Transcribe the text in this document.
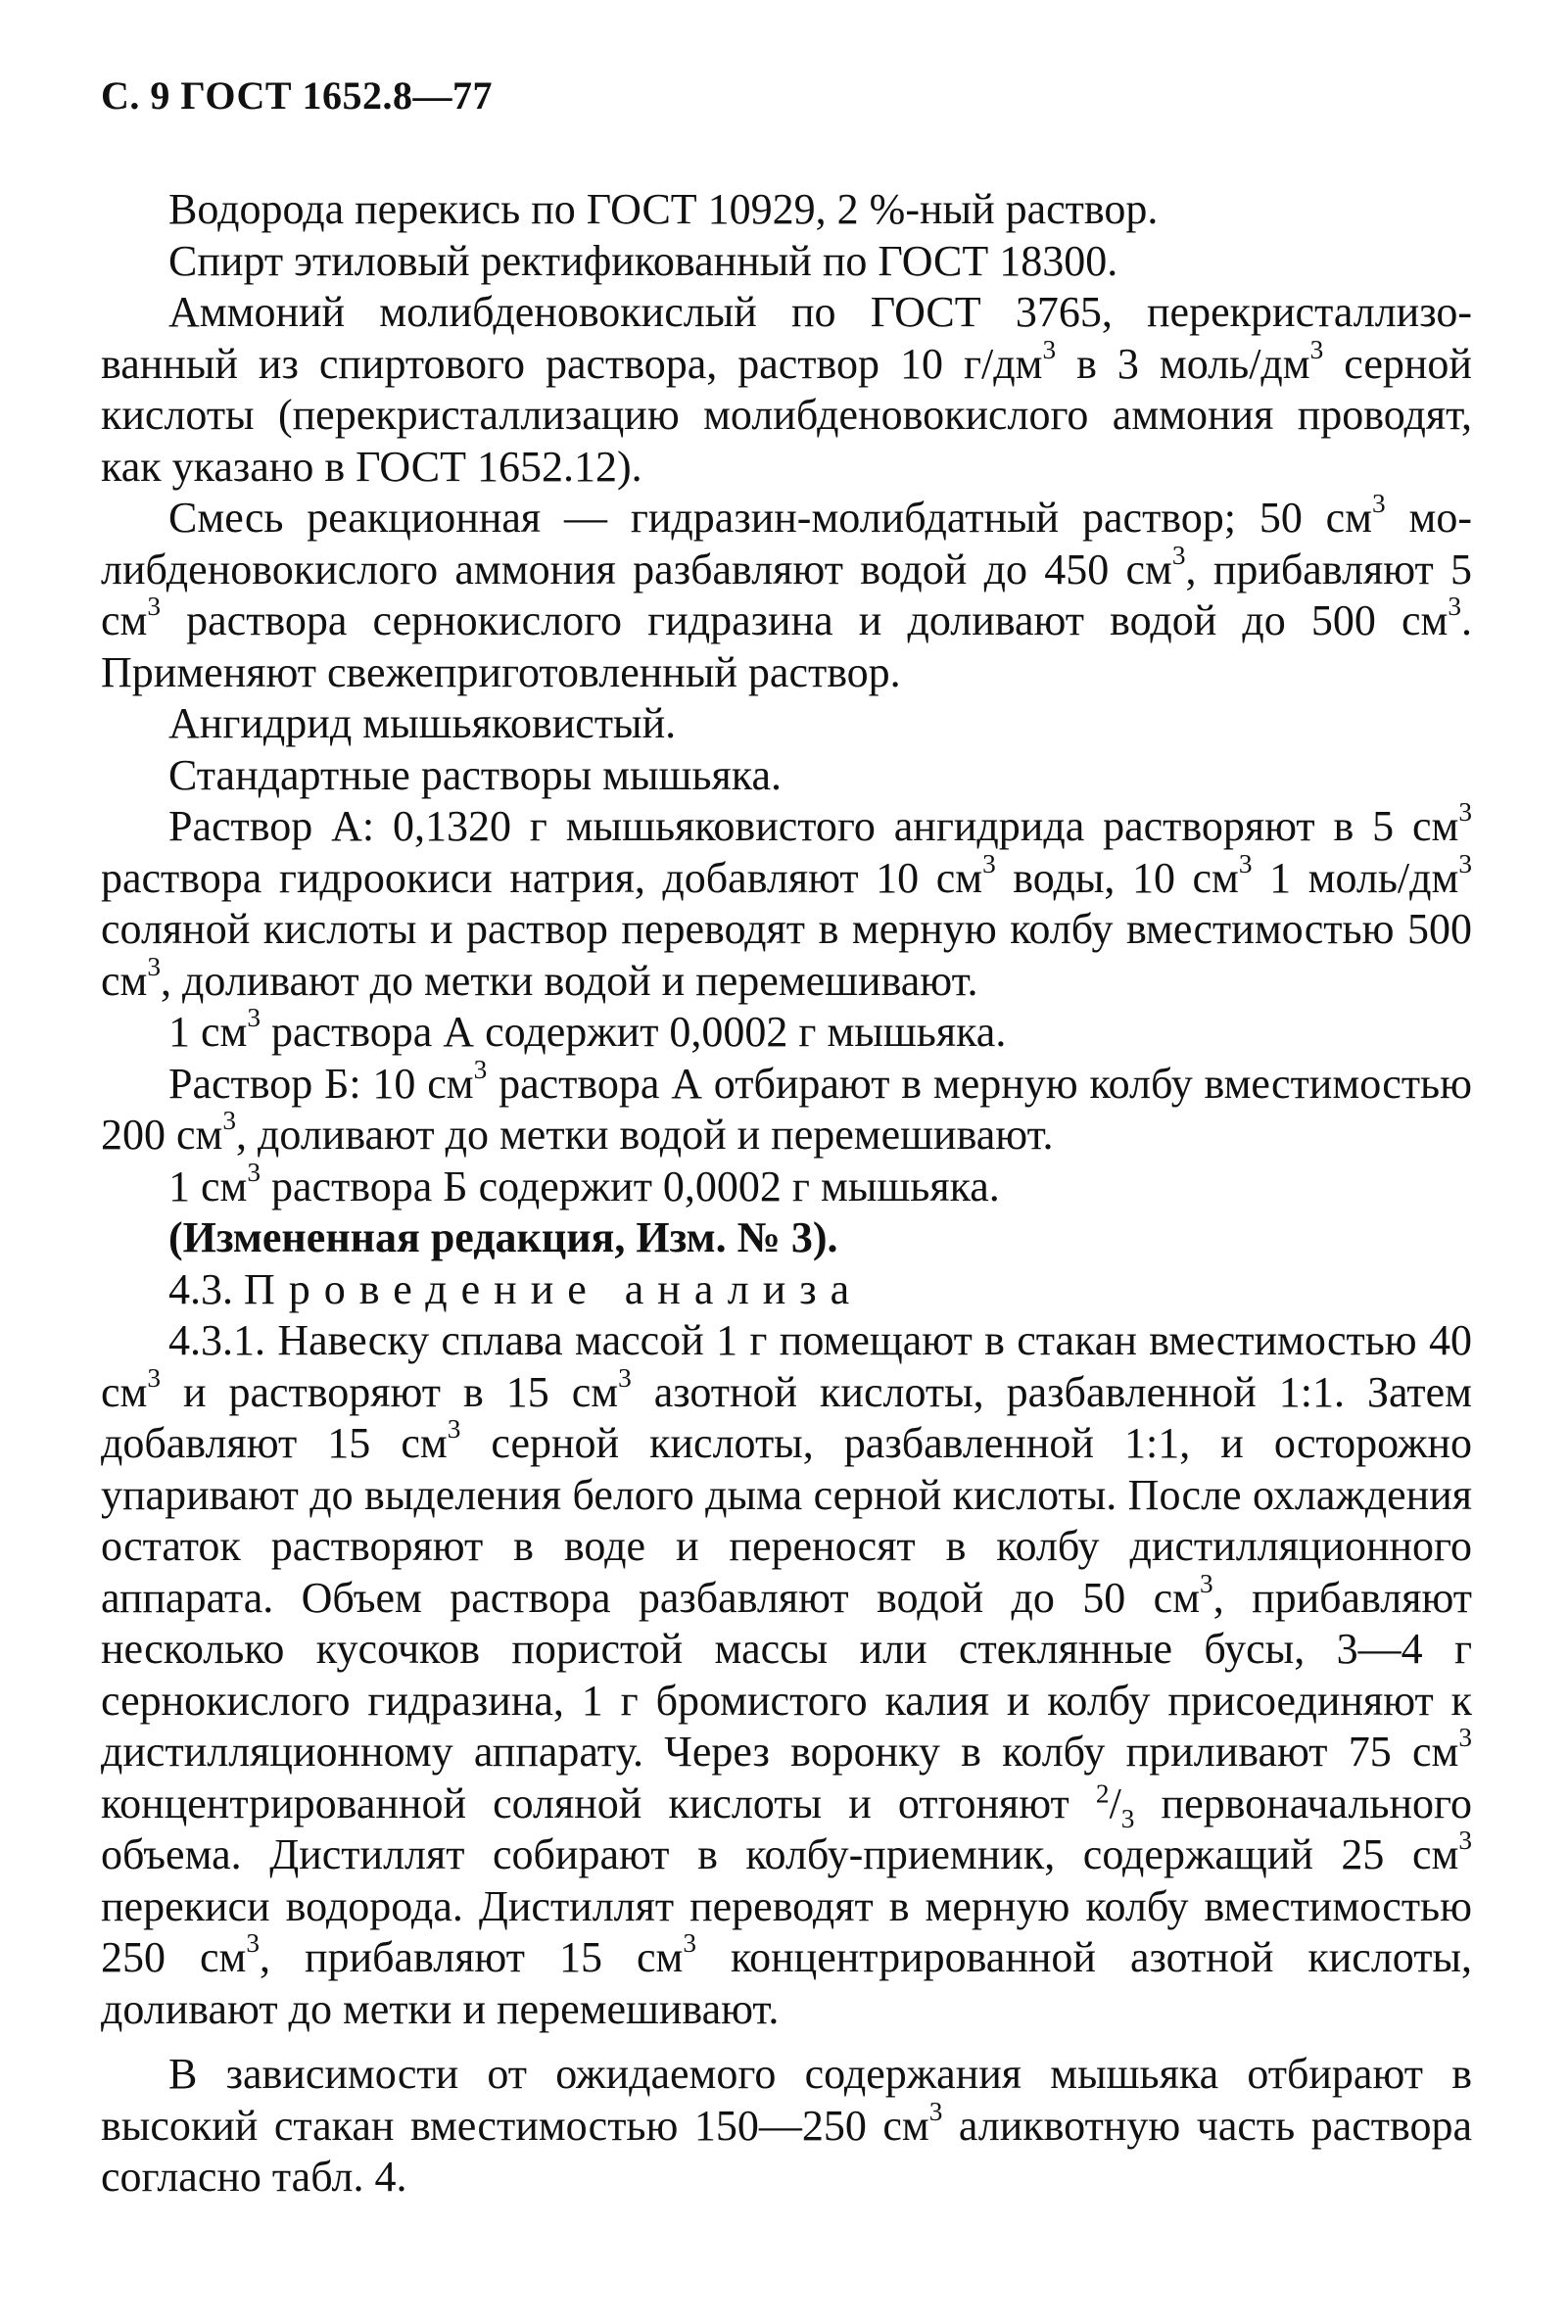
С. 9 ГОСТ 1652.8—77

Водорода перекись по ГОСТ 10929, 2 %-ный раствор.

Спирт этиловый ректификованный по ГОСТ 18300.

Аммоний молибденовокислый по ГОСТ 3765, перекристаллизованный из спиртового раствора, раствор 10 $г/дм^3$ в 3 моль/$дм^3$ серной кислоты (перекристаллизацию молибденовокислого аммония проводят, как указано в ГОСТ 1652.12).

Смесь реакционная — гидразин-молибдатный раствор; 50 $см^3$ молибденовокислого аммония разбавляют водой до 450 $см^3$, прибавляют 5 $см^3$ раствора сернокислого гидразина и доливают водой до 500 $см^3$. Применяют свежеприготовленный раствор.

Ангидрид мышьяковистый.

Стандартные растворы мышьяка.

Раствор А: 0,1320 г мышьяковистого ангидрида растворяют в 5 $см^3$ раствора гидроокиси натрия, добавляют 10 $см^3$ воды, 10 $см^3$ 1 моль/$дм^3$ соляной кислоты и раствор переводят в мерную колбу вместимостью 500 $см^3$, доливают до метки водой и перемешивают.

1 $см^3$ раствора А содержит 0,0002 г мышьяка.

Раствор Б: 10 $см^3$ раствора А отбирают в мерную колбу вместимостью 200 $см^3$, доливают до метки водой и перемешивают.

1 $см^3$ раствора Б содержит 0,0002 г мышьяка.

(Измененная редакция, Изм. № 3).

4.3. Проведение анализа

4.3.1. Навеску сплава массой 1 г помещают в стакан вместимостью 40 $см^3$ и растворяют в 15 $см^3$ азотной кислоты, разбавленной 1:1. Затем добавляют 15 $см^3$ серной кислоты, разбавленной 1:1, и осторожно упаривают до выделения белого дыма серной кислоты. После охлаждения остаток растворяют в воде и переносят в колбу дистилляционного аппарата. Объем раствора разбавляют водой до 50 $см^3$, прибавляют несколько кусочков пористой массы или стеклянные бусы, 3—4 г сернокислого гидразина, 1 г бромистого калия и колбу присоединяют к дистилляционному аппарату. Через воронку в колбу приливают 75 $см^3$ концентрированной соляной кислоты и отгоняют $^2/_3$ первоначального объема. Дистиллят собирают в колбу-приемник, содержащий 25 $см^3$ перекиси водорода. Дистиллят переводят в мерную колбу вместимостью 250 $см^3$, прибавляют 15 $см^3$ концентрированной азотной кислоты, доливают до метки и перемешивают.

В зависимости от ожидаемого содержания мышьяка отбирают в высокий стакан вместимостью 150—250 $см^3$ аликвотную часть раствора согласно табл. 4.
